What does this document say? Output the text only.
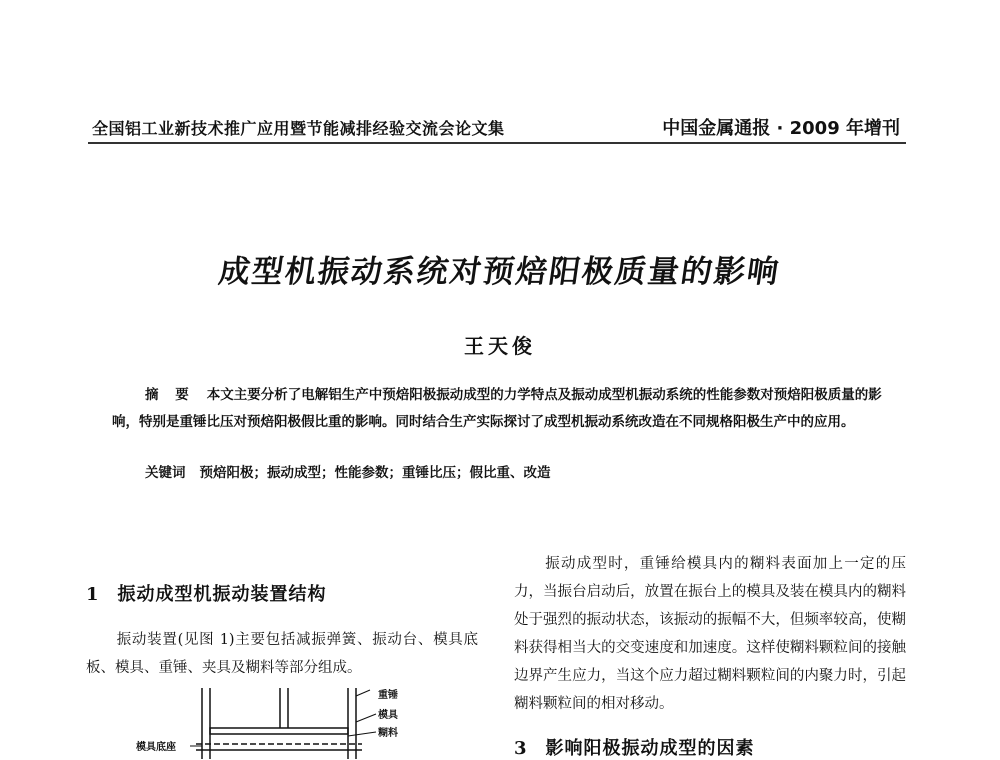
全国铝工业新技术推广应用暨节能减排经验交流会论文集	中国金属通报 · 2009 年增刊
成型机振动系统对预焙阳极质量的影响
王天俊
摘 要 本文主要分析了电解铝生产中预焙阳极振动成型的力学特点及振动成型机振动系统的性能参数对预焙阳极质量的影响，特别是重锤比压对预焙阳极假比重的影响。同时结合生产实际探讨了成型机振动系统改造在不同规格阳极生产中的应用。
关键词 预焙阳极；振动成型；性能参数；重锤比压；假比重、改造
1 振动成型机振动装置结构
振动装置(见图 1)主要包括减振弹簧、振动台、模具底板、模具、重锤、夹具及糊料等部分组成。
振动成型时，重锤给模具内的糊料表面加上一定的压力，当振台启动后，放置在振台上的模具及装在模具内的糊料处于强烈的振动状态，该振动的振幅不大，但频率较高，使糊料获得相当大的交变速度和加速度。这样使糊料颗粒间的接触边界产生应力，当这个应力超过糊料颗粒间的内聚力时，引起糊料颗粒间的相对移动。
3 影响阳极振动成型的因素
重锤
模具
糊料
模具底座
